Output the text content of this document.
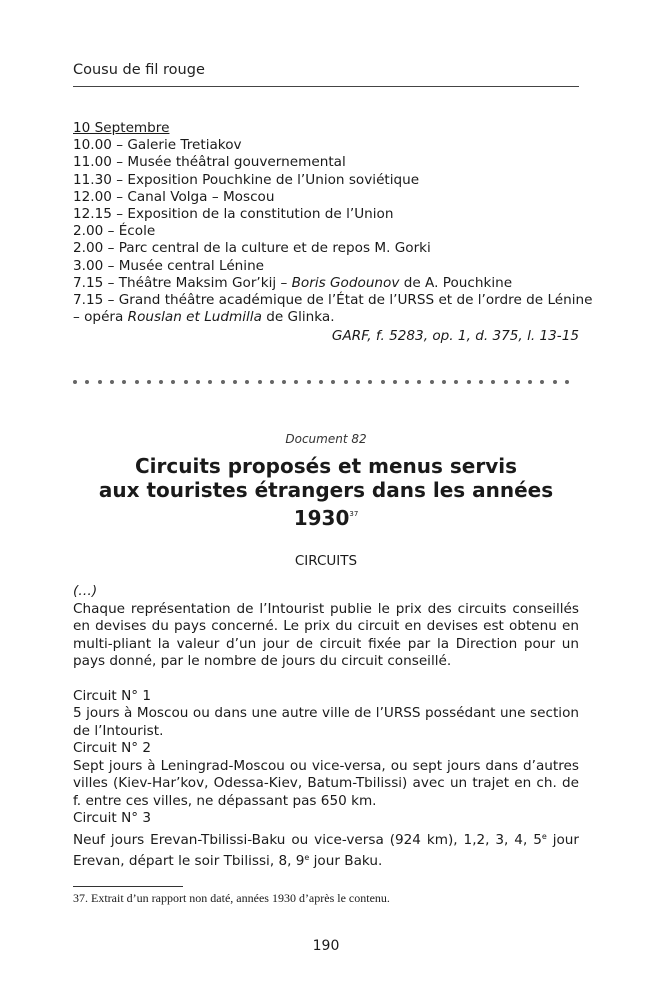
Cousu de fil rouge
10 Septembre
10.00 – Galerie Tretiakov
11.00 – Musée théâtral gouvernemental
11.30 – Exposition Pouchkine de l’Union soviétique
12.00 – Canal Volga – Moscou
12.15 – Exposition de la constitution de l’Union
2.00 – École
2.00 – Parc central de la culture et de repos M. Gorki
3.00 – Musée central Lénine
7.15 – Théâtre Maksim Gor’kij – Boris Godounov de A. Pouchkine
7.15 – Grand théâtre académique de l’État de l’URSS et de l’ordre de Lénine
– opéra Rouslan et Ludmilla de Glinka.
GARF, f. 5283, op. 1, d. 375, l. 13-15
Document 82
Circuits proposés et menus servis
aux touristes étrangers dans les années
1930$^{37}$
CIRCUITS

(…)

Chaque représentation de l’Intourist publie le prix des circuits conseillés en devises du pays concerné. Le prix du circuit en devises est obtenu en multi-pliant la valeur d’un jour de circuit fixée par la Direction pour un pays donné, par le nombre de jours du circuit conseillé.

Circuit N° 1

5 jours à Moscou ou dans une autre ville de l’URSS possédant une section de l’Intourist.

Circuit N° 2

Sept jours à Leningrad-Moscou ou vice-versa, ou sept jours dans d’autres villes (Kiev-Har’kov, Odessa-Kiev, Batum-Tbilissi) avec un trajet en ch. de f. entre ces villes, ne dépassant pas 650 km.

Circuit N° 3

Neuf jours Erevan-Tbilissi-Baku ou vice-versa (924 km), 1,2, 3, 4, 5e jour Erevan, départ le soir Tbilissi, 8, 9e jour Baku.

37. Extrait d’un rapport non daté, années 1930 d’après le contenu.
190
